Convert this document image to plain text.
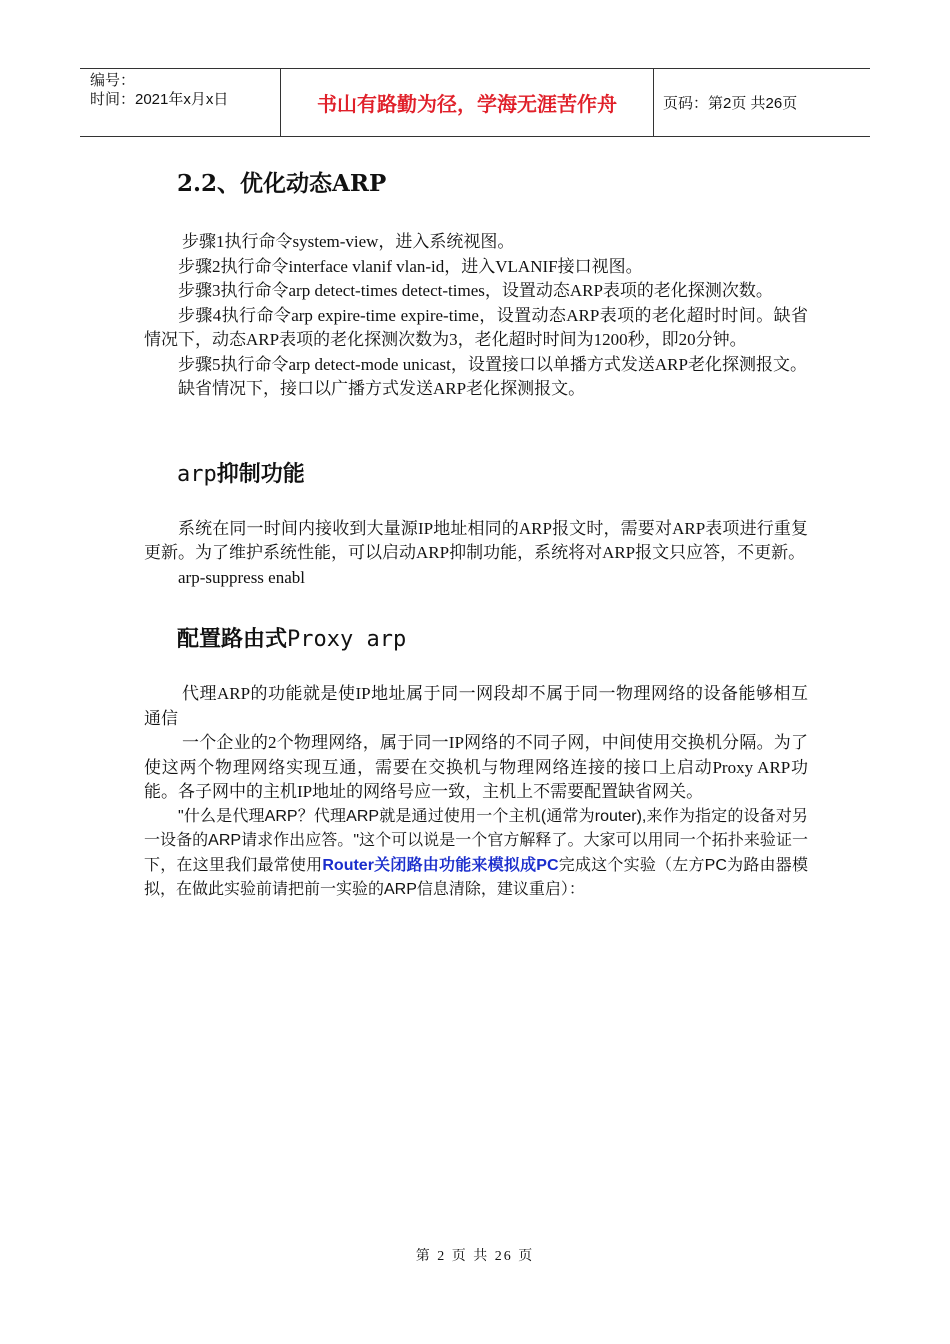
编号：
时间：2021年x月x日	书山有路勤为径，学海无涯苦作舟	页码：第2页 共26页
2.2、优化动态ARP

步骤1执行命令system-view，进入系统视图。

步骤2执行命令interface vlanif vlan-id，进入VLANIF接口视图。

步骤3执行命令arp detect-times detect-times，设置动态ARP表项的老化探测次数。

步骤4执行命令arp expire-time expire-time，设置动态ARP表项的老化超时时间。缺省情况下，动态ARP表项的老化探测次数为3，老化超时时间为1200秒，即20分钟。

步骤5执行命令arp detect-mode unicast，设置接口以单播方式发送ARP老化探测报文。

缺省情况下，接口以广播方式发送ARP老化探测报文。

arp抑制功能

系统在同一时间内接收到大量源IP地址相同的ARP报文时，需要对ARP表项进行重复更新。为了维护系统性能，可以启动ARP抑制功能，系统将对ARP报文只应答，不更新。

arp-suppress enabl

配置路由式Proxy arp

代理ARP的功能就是使IP地址属于同一网段却不属于同一物理网络的设备能够相互通信

一个企业的2个物理网络，属于同一IP网络的不同子网，中间使用交换机分隔。为了使这两个物理网络实现互通，需要在交换机与物理网络连接的接口上启动Proxy ARP功能。各子网中的主机IP地址的网络号应一致，主机上不需要配置缺省网关。

"什么是代理ARP？代理ARP就是通过使用一个主机(通常为router),来作为指定的设备对另一设备的ARP请求作出应答。"这个可以说是一个官方解释了。大家可以用同一个拓扑来验证一下，在这里我们最常使用Router关闭路由功能来模拟成PC完成这个实验（左方PC为路由器模拟，在做此实验前请把前一实验的ARP信息清除，建议重启）：

第 2 页 共 26 页
